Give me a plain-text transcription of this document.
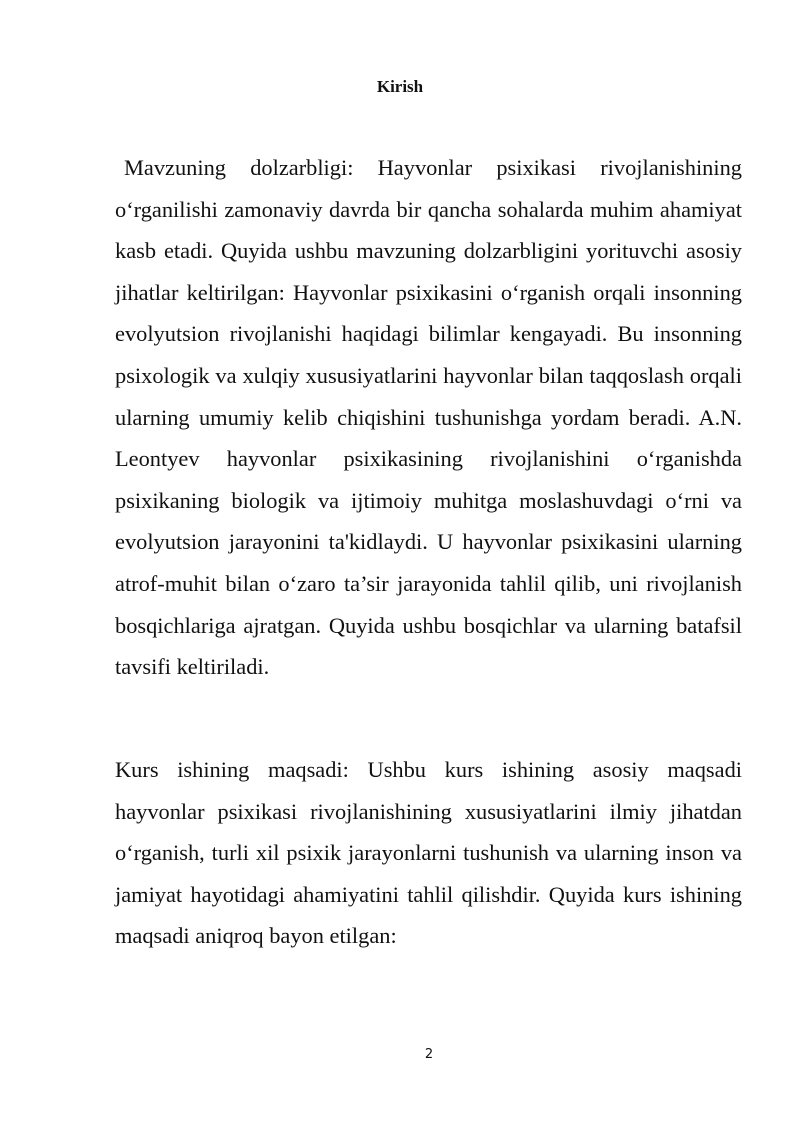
Kirish

Mavzuning dolzarbligi: Hayvonlar psixikasi rivojlanishining o‘rganilishi zamonaviy davrda bir qancha sohalarda muhim ahamiyat kasb etadi. Quyida ushbu mavzuning dolzarbligini yorituvchi asosiy jihatlar keltirilgan: Hayvonlar psixikasini o‘rganish orqali insonning evolyutsion rivojlanishi haqidagi bilimlar kengayadi. Bu insonning psixologik va xulqiy xususiyatlarini hayvonlar bilan taqqoslash orqali ularning umumiy kelib chiqishini tushunishga yordam beradi. A.N. Leontyev hayvonlar psixikasining rivojlanishini o‘rganishda psixikaning biologik va ijtimoiy muhitga moslashuvdagi o‘rni va evolyutsion jarayonini ta'kidlaydi. U hayvonlar psixikasini ularning atrof-muhit bilan o‘zaro ta’sir jarayonida tahlil qilib, uni rivojlanish bosqichlariga ajratgan. Quyida ushbu bosqichlar va ularning batafsil tavsifi keltiriladi.

Kurs ishining maqsadi: Ushbu kurs ishining asosiy maqsadi hayvonlar psixikasi rivojlanishining xususiyatlarini ilmiy jihatdan o‘rganish, turli xil psixik jarayonlarni tushunish va ularning inson va jamiyat hayotidagi ahamiyatini tahlil qilishdir. Quyida kurs ishining maqsadi aniqroq bayon etilgan:

2
